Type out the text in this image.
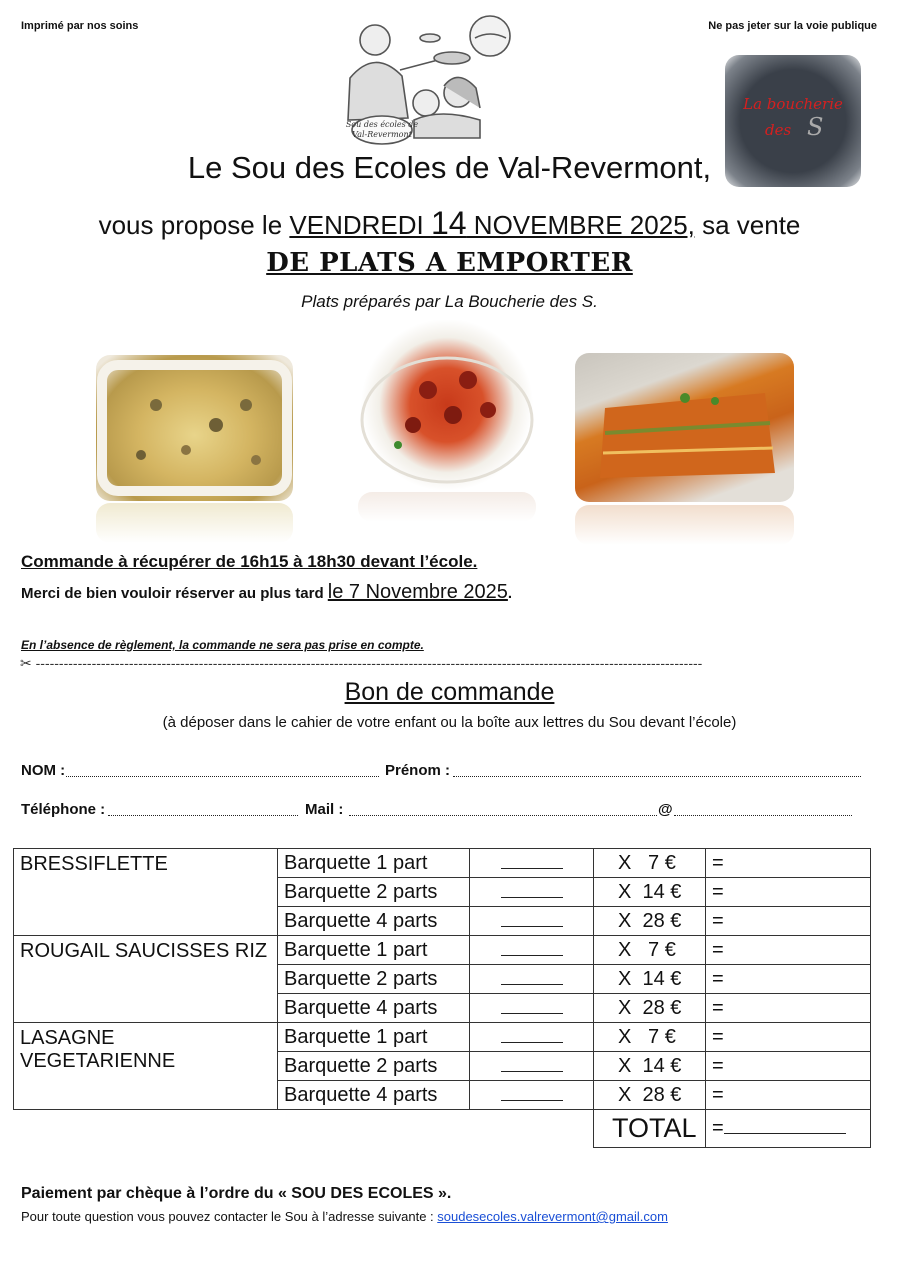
Imprimé par nos soins	Ne pas jeter sur la voie publique
Sou des écoles de
Val-Revermont
La boucherie
des S
Le Sou des Ecoles de Val-Revermont,
vous propose le VENDREDI 14 NOVEMBRE 2025, sa vente
DE PLATS A EMPORTER
Plats préparés par La Boucherie des S.
Commande à récupérer de 16h15 à 18h30 devant l’école.
Merci de bien vouloir réserver au plus tard le 7 Novembre 2025.
En l’absence de règlement, la commande ne sera pas prise en compte.
✂ -----------------------------------------------------------------------------------------------------------------------------------------------
Bon de commande
(à déposer dans le cahier de votre enfant ou la boîte aux lettres du Sou devant l’école)
NOM :	Prénom :
Téléphone :	Mail :	@
BRESSIFLETTE	Barquette 1 part		X 7 €	=
	Barquette 2 parts		X 14 €	=
	Barquette 4 parts		X 28 €	=
ROUGAIL SAUCISSES RIZ	Barquette 1 part		X 7 €	=
	Barquette 2 parts		X 14 €	=
	Barquette 4 parts		X 28 €	=
LASAGNE VEGETARIENNE	Barquette 1 part		X 7 €	=
	Barquette 2 parts		X 14 €	=
	Barquette 4 parts		X 28 €	=
			TOTAL	=
Paiement par chèque à l’ordre du « SOU DES ECOLES ».
Pour toute question vous pouvez contacter le Sou à l’adresse suivante : soudesecoles.valrevermont@gmail.com
